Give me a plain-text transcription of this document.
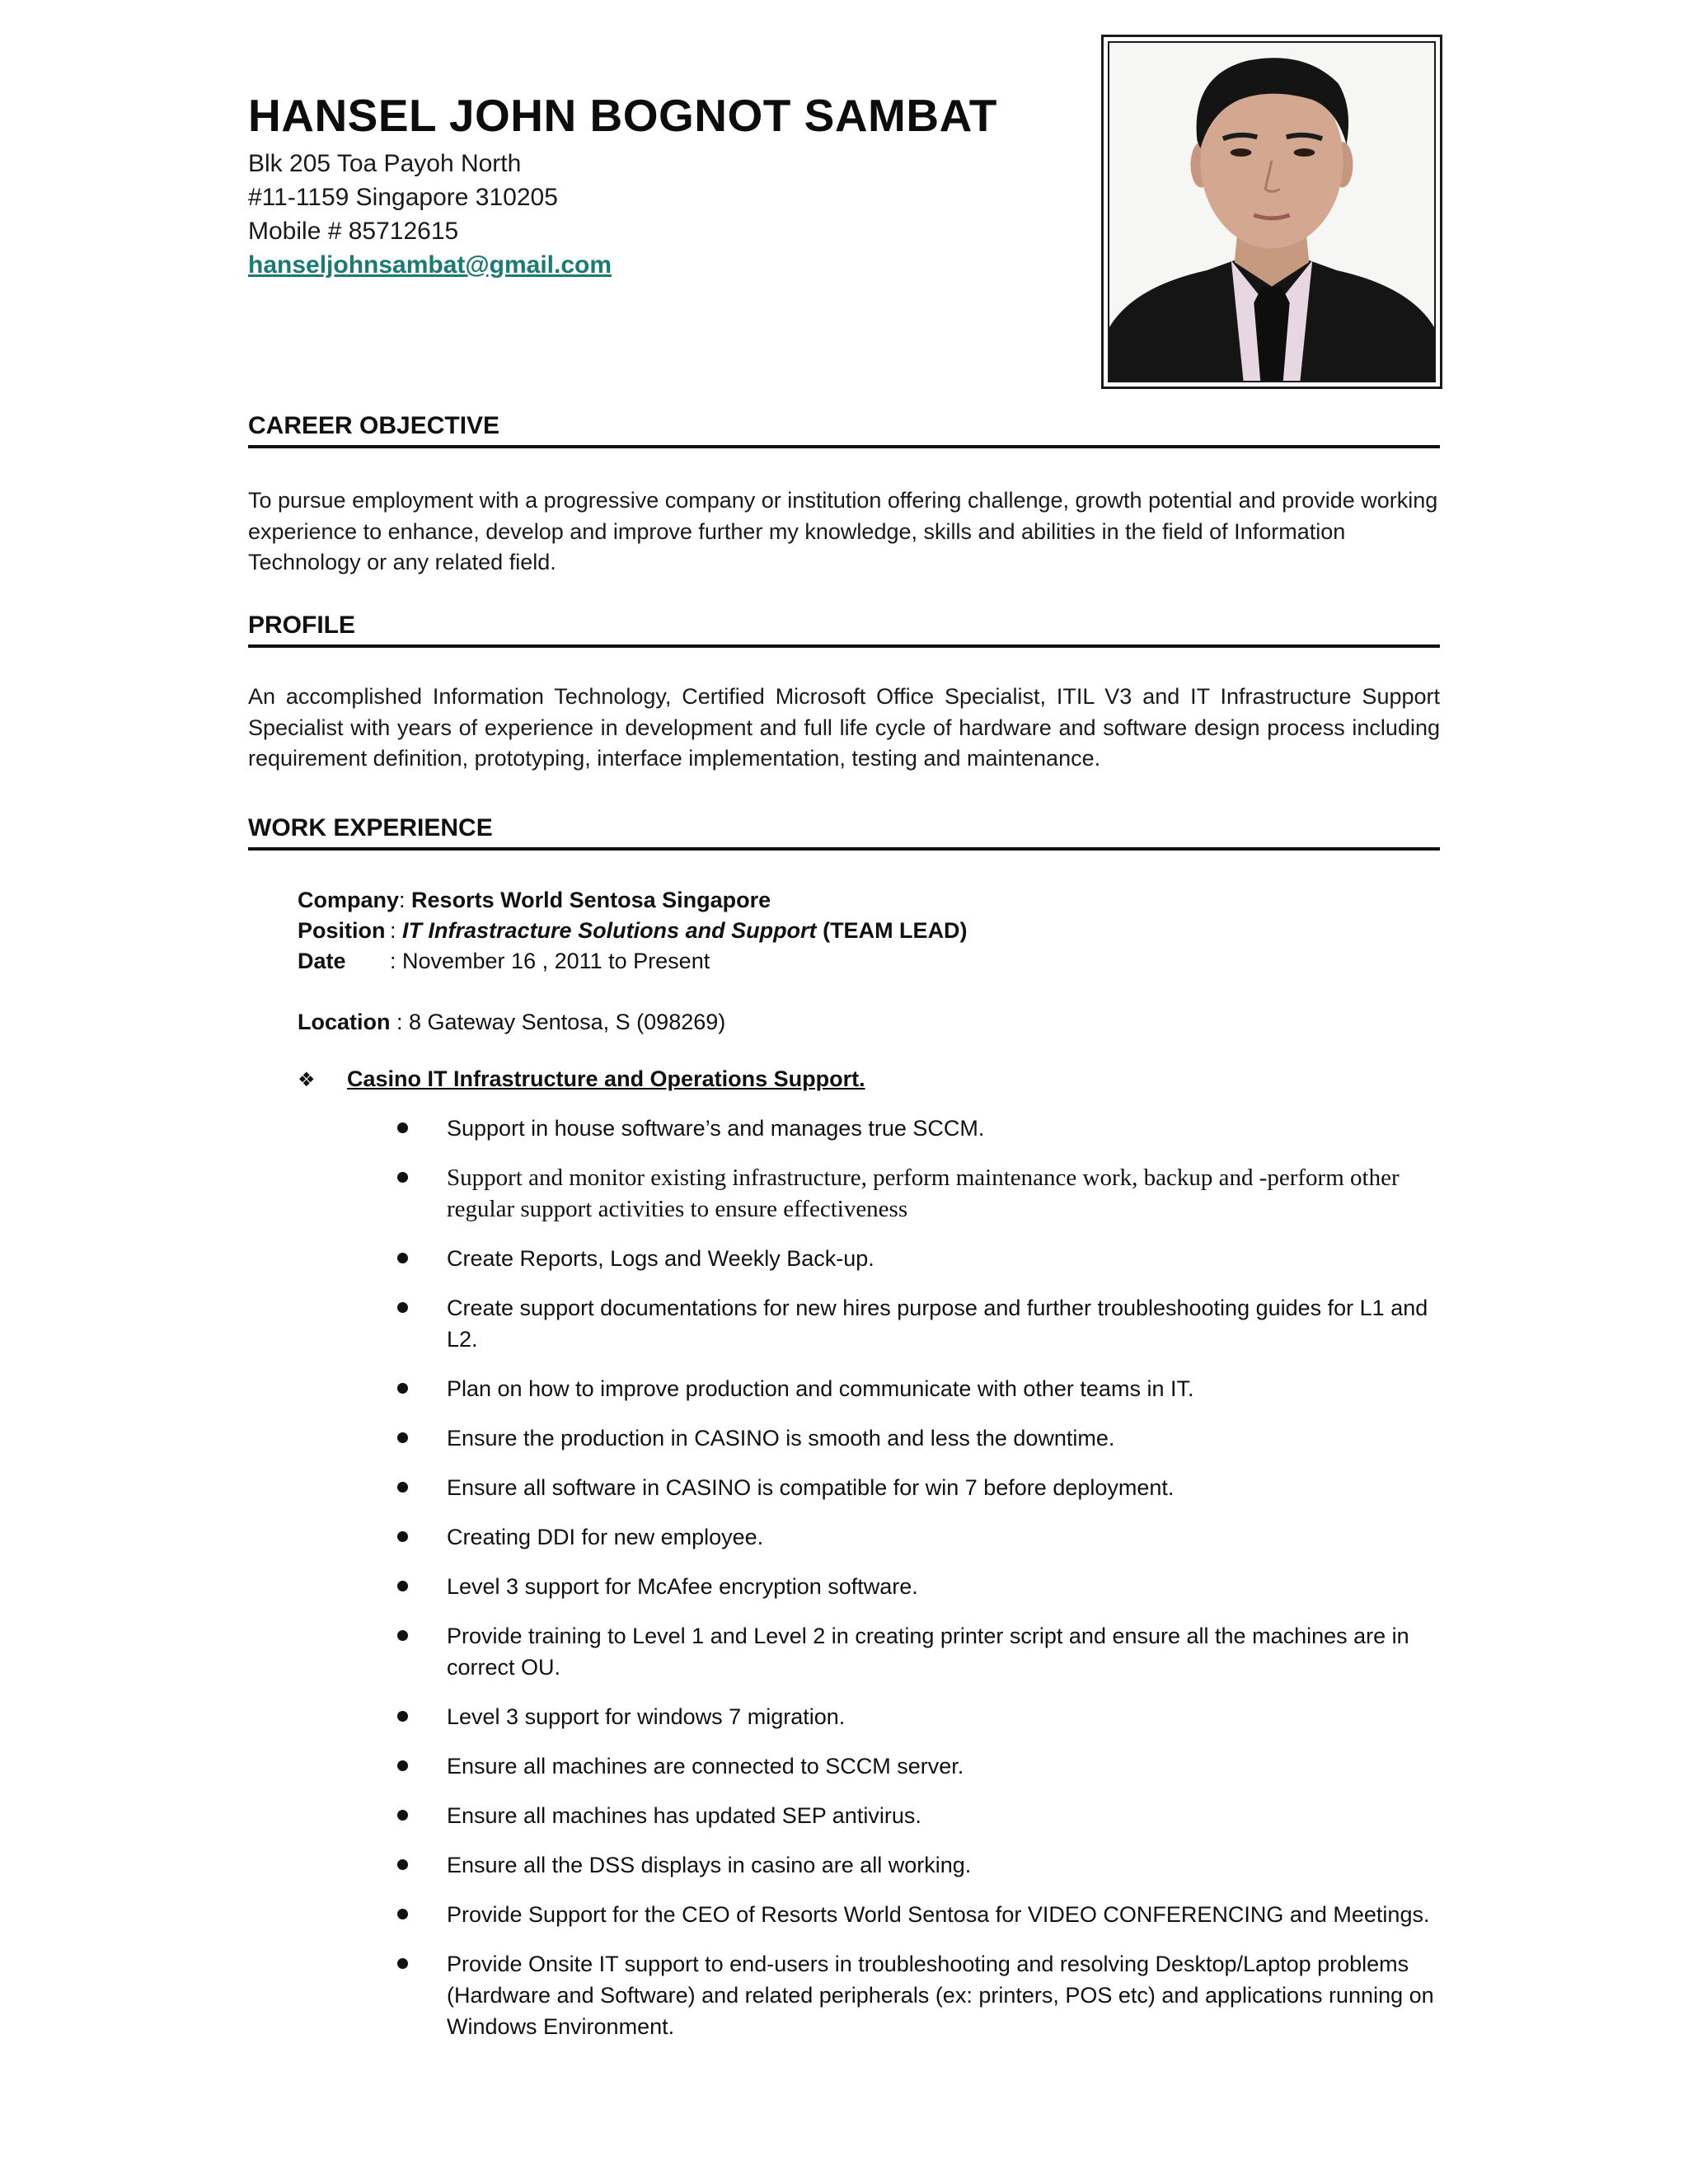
HANSEL JOHN BOGNOT SAMBAT
Blk 205 Toa Payoh North
#11-1159 Singapore 310205
Mobile # 85712615
hanseljohnsambat@gmail.com
CAREER OBJECTIVE
To pursue employment with a progressive company or institution offering challenge, growth potential and provide working experience to enhance, develop and improve further my knowledge, skills and abilities in the field of Information Technology or any related field.
PROFILE
An accomplished Information Technology, Certified Microsoft Office Specialist, ITIL V3 and IT Infrastructure Support Specialist with years of experience in development and full life cycle of hardware and software design process including requirement definition, prototyping, interface implementation, testing and maintenance.
WORK EXPERIENCE
Company: Resorts World Sentosa Singapore
Position : IT Infrastracture Solutions and Support (TEAM LEAD)
Date : November 16 , 2011 to Present
Location : 8 Gateway Sentosa, S (098269)
❖ Casino IT Infrastructure and Operations Support.
Support in house software’s and manages true SCCM.
Support and monitor existing infrastructure, perform maintenance work, backup and -perform other regular support activities to ensure effectiveness
Create Reports, Logs and Weekly Back-up.
Create support documentations for new hires purpose and further troubleshooting guides for L1 and L2.
Plan on how to improve production and communicate with other teams in IT.
Ensure the production in CASINO is smooth and less the downtime.
Ensure all software in CASINO is compatible for win 7 before deployment.
Creating DDI for new employee.
Level 3 support for McAfee encryption software.
Provide training to Level 1 and Level 2 in creating printer script and ensure all the machines are in correct OU.
Level 3 support for windows 7 migration.
Ensure all machines are connected to SCCM server.
Ensure all machines has updated SEP antivirus.
Ensure all the DSS displays in casino are all working.
Provide Support for the CEO of Resorts World Sentosa for VIDEO CONFERENCING and Meetings.
Provide Onsite IT support to end-users in troubleshooting and resolving Desktop/Laptop problems (Hardware and Software) and related peripherals (ex: printers, POS etc) and applications running on Windows Environment.
